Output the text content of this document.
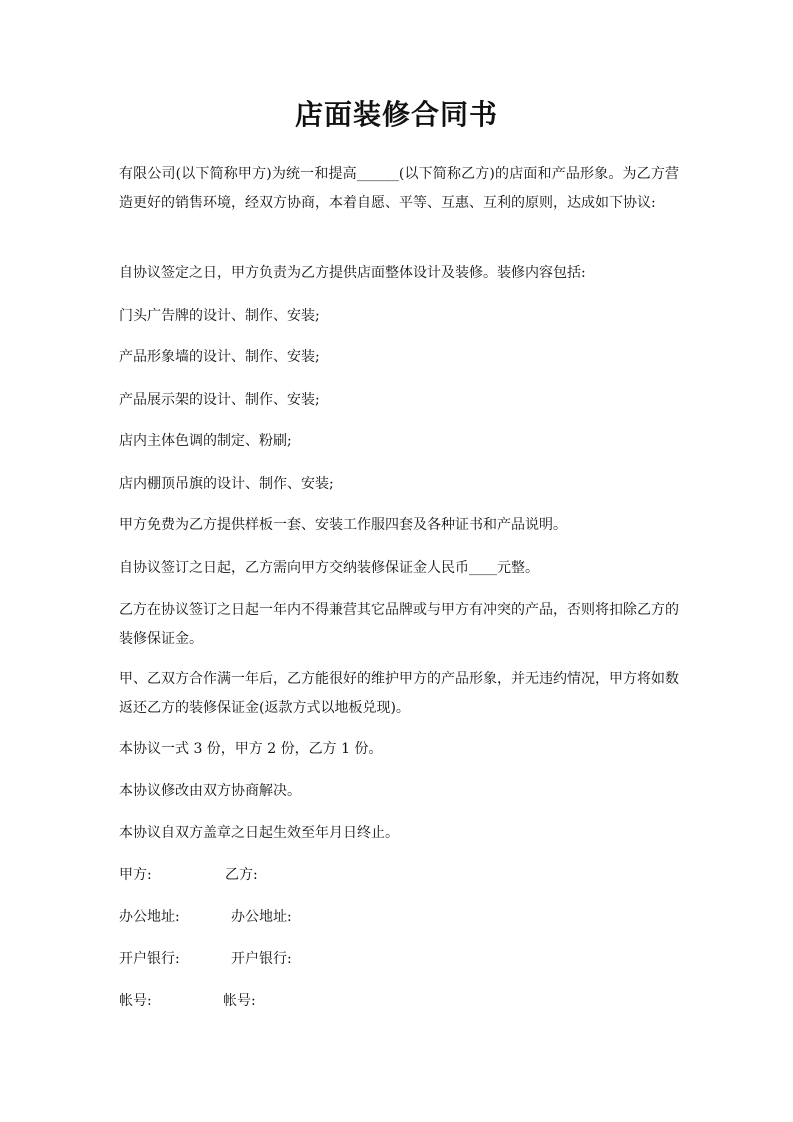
店面装修合同书

有限公司(以下简称甲方)为统一和提高______(以下简称乙方)的店面和产品形象。为乙方营造更好的销售环境，经双方协商，本着自愿、平等、互惠、互利的原则，达成如下协议:

自协议签定之日，甲方负责为乙方提供店面整体设计及装修。装修内容包括:

门头广告牌的设计、制作、安装;

产品形象墙的设计、制作、安装;

产品展示架的设计、制作、安装;

店内主体色调的制定、粉刷;

店内棚顶吊旗的设计、制作、安装;

甲方免费为乙方提供样板一套、安装工作服四套及各种证书和产品说明。

自协议签订之日起，乙方需向甲方交纳装修保证金人民币____元整。

乙方在协议签订之日起一年内不得兼营其它品牌或与甲方有冲突的产品，否则将扣除乙方的装修保证金。

甲、乙双方合作满一年后，乙方能很好的维护甲方的产品形象，并无违约情况，甲方将如数返还乙方的装修保证金(返款方式以地板兑现)。

本协议一式 3 份，甲方 2 份，乙方 1 份。

本协议修改由双方协商解决。

本协议自双方盖章之日起生效至年月日终止。

甲方:	乙方:
办公地址:	办公地址:
开户银行:	开户银行:
帐号:	帐号:
